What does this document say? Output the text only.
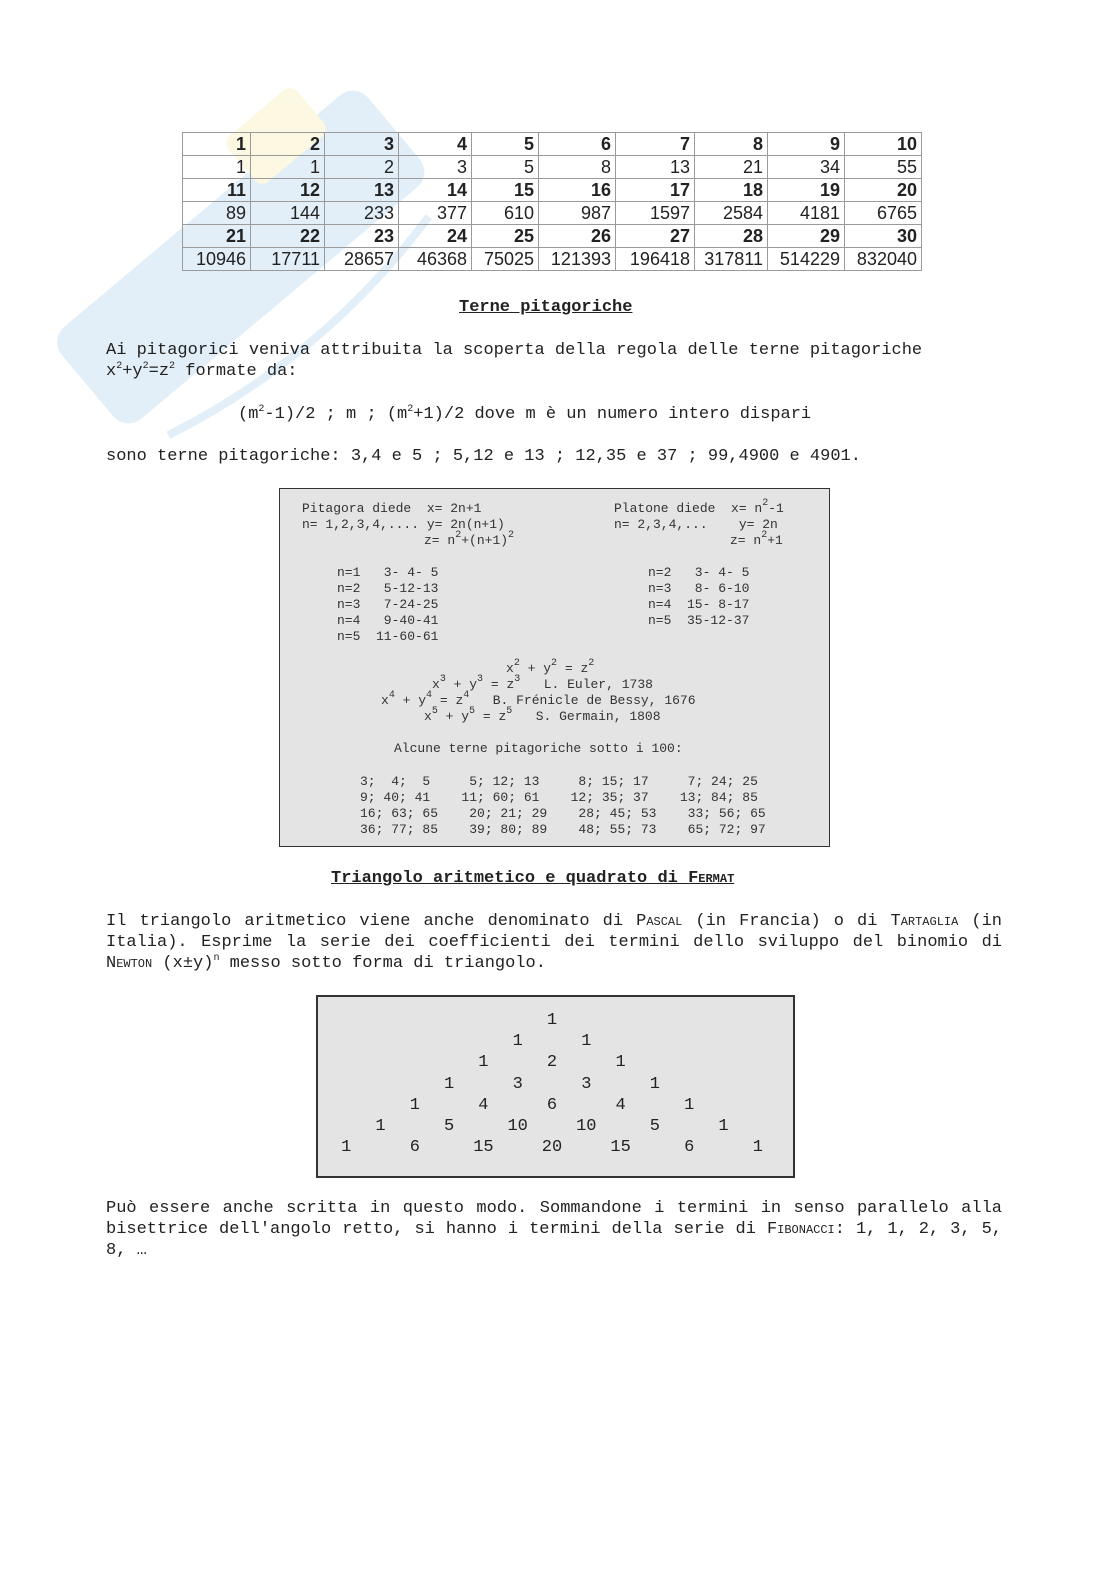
1	2	3	4	5	6	7	8	9	10
1	1	2	3	5	8	13	21	34	55
11	12	13	14	15	16	17	18	19	20
89	144	233	377	610	987	1597	2584	4181	6765
21	22	23	24	25	26	27	28	29	30
10946	17711	28657	46368	75025	121393	196418	317811	514229	832040
Terne pitagoriche
Ai pitagorici veniva attribuita la scoperta della regola delle terne pitagoriche
$x^2+y^2=z^2$ formate da:
$(m^2-1)/2$ ; m ; $(m^2+1)/2$ dove m è un numero intero dispari
sono terne pitagoriche: 3,4 e 5 ; 5,12 e 13 ; 12,35 e 37 ; 99,4900 e 4901.
Pitagora diede  x= 2n+1
n= 1,2,3,4,.... y= 2n(n+1)
$z= n^2+(n+1)^2$
Platone diede  $x= n^2-1$
n= 2,3,4,...    y= 2n
$z= n^2+1$
n=1   3- 4- 5
n=2   5-12-13
n=3   7-24-25
n=4   9-40-41
n=5  11-60-61
n=2   3- 4- 5
n=3   8- 6-10
n=4  15- 8-17
n=5  35-12-37
$x^2 + y^2 = z^2$
$x^3 + y^3 = z^3$ L. Euler, 1738
$x^4 + y^4 = z^4$ B. Frénicle de Bessy, 1676
$x^5 + y^5 = z^5$ S. Germain, 1808
Alcune terne pitagoriche sotto i 100:
3;  4;  5     5; 12; 13     8; 15; 17     7; 24; 25
9; 40; 41    11; 60; 61    12; 35; 37    13; 84; 85
16; 63; 65    20; 21; 29    28; 45; 53    33; 56; 65
36; 77; 85    39; 80; 89    48; 55; 73    65; 72; 97
Triangolo aritmetico e quadrato di Fermat
Il triangolo aritmetico viene anche denominato di Pascal (in Francia) o di Tartaglia (in Italia). Esprime la serie dei coefficienti dei termini dello sviluppo del binomio di Newton $(x\pm y)^n$ messo sotto forma di triangolo.
1
1	1
1	2	1
1	3	3	1
1	4	6	4	1
1	5	10	10	5	1
1	6	15	20	15	6	1
Può essere anche scritta in questo modo. Sommandone i termini in senso parallelo alla bisettrice dell'angolo retto, si hanno i termini della serie di Fibonacci: 1, 1, 2, 3, 5, 8, …
